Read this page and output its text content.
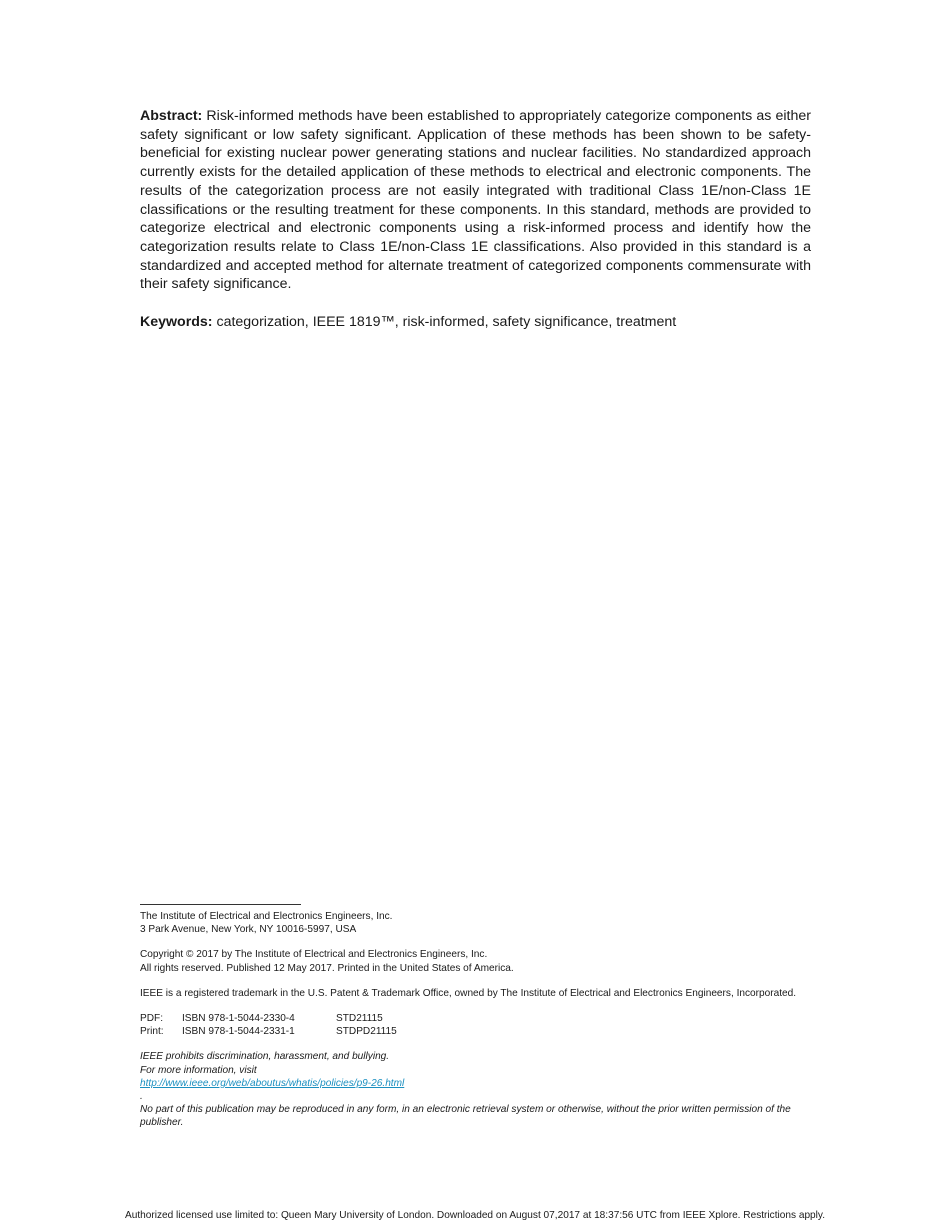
Abstract: Risk-informed methods have been established to appropriately categorize components as either safety significant or low safety significant. Application of these methods has been shown to be safety-beneficial for existing nuclear power generating stations and nuclear facilities. No standardized approach currently exists for the detailed application of these methods to electrical and electronic components. The results of the categorization process are not easily integrated with traditional Class 1E/non-Class 1E classifications or the resulting treatment for these components. In this standard, methods are provided to categorize electrical and electronic components using a risk-informed process and identify how the categorization results relate to Class 1E/non-Class 1E classifications. Also provided in this standard is a standardized and accepted method for alternate treatment of categorized components commensurate with their safety significance.

Keywords: categorization, IEEE 1819™, risk-informed, safety significance, treatment

The Institute of Electrical and Electronics Engineers, Inc.
3 Park Avenue, New York, NY 10016-5997, USA

Copyright © 2017 by The Institute of Electrical and Electronics Engineers, Inc.
All rights reserved. Published 12 May 2017. Printed in the United States of America.

IEEE is a registered trademark in the U.S. Patent & Trademark Office, owned by The Institute of Electrical and Electronics Engineers, Incorporated.

PDF:	ISBN 978-1-5044-2330-4	STD21115
Print:	ISBN 978-1-5044-2331-1	STDPD21115
IEEE prohibits discrimination, harassment, and bullying.
For more information, visit
http://www.ieee.org/web/aboutus/whatis/policies/p9-26.html
.
No part of this publication may be reproduced in any form, in an electronic retrieval system or otherwise, without the prior written permission of the publisher.
Authorized licensed use limited to: Queen Mary University of London. Downloaded on August 07,2017 at 18:37:56 UTC from IEEE Xplore. Restrictions apply.
